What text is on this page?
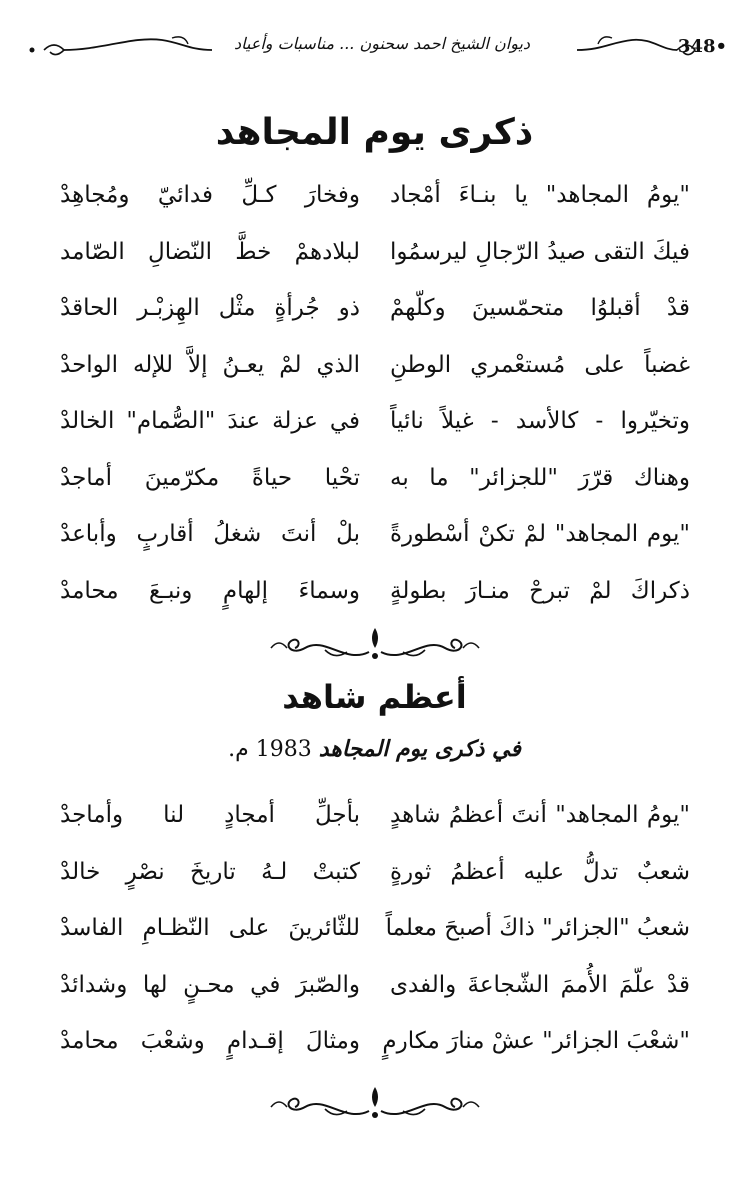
ديوان الشيخ احمد سحنون ... مناسبات وأعياد	348•
ذكرى يوم المجاهد
"يومُ المجاهد" يا بنـاءَ أمْجاد
وفخارَ كـلِّ فدائيّ ومُجاهِدْ
فيكَ التقى صيدُ الرّجالِ ليرسمُوا
لبلادهمْ خطَّ النّضالِ الصّامد
قدْ أقبلوُا متحمّسينَ وكلّهمْ
ذو جُرأةٍ مثْل الهِزبْـر الحاقدْ
غضباً على مُستعْمري الوطنِ
الذي لمْ يعـنُ إلاَّ للإله الواحدْ
وتخيّروا - كالأسد - غيلاً نائياً
في عزلة عندَ "الصُّمام" الخالدْ
وهناك قرّرَ "للجزائر" ما به
تحْيا حياةً مكرّمينَ أماجدْ
"يوم المجاهد" لمْ تكنْ أسْطورةً
بلْ أنتَ شغلُ أقاربٍ وأباعدْ
ذكراكَ لمْ تبرحْ منـارَ بطولةٍ
وسماءَ إلهامٍ ونبـعَ محامدْ
أعظم شاهد
في ذكرى يوم المجاهد 1983 م.
"يومُ المجاهد" أنتَ أعظمُ شاهدٍ
بأجلِّ أمجادٍ لنا وأماجدْ
شعبٌ تدلُّ عليه أعظمُ ثورةٍ
كتبتْ لـهُ تاريخَ نصْرٍ خالدْ
شعبُ "الجزائر" ذاكَ أصبحَ معلماً
للثّائرينَ على النّظـامِ الفاسدْ
قدْ علّمَ الأُممَ الشّجاعةَ والفدى
والصّبرَ في محـنٍ لها وشدائدْ
"شعْبَ الجزائر" عشْ منارَ مكارمٍ
ومثالَ إقـدامٍ وشعْبَ محامدْ
